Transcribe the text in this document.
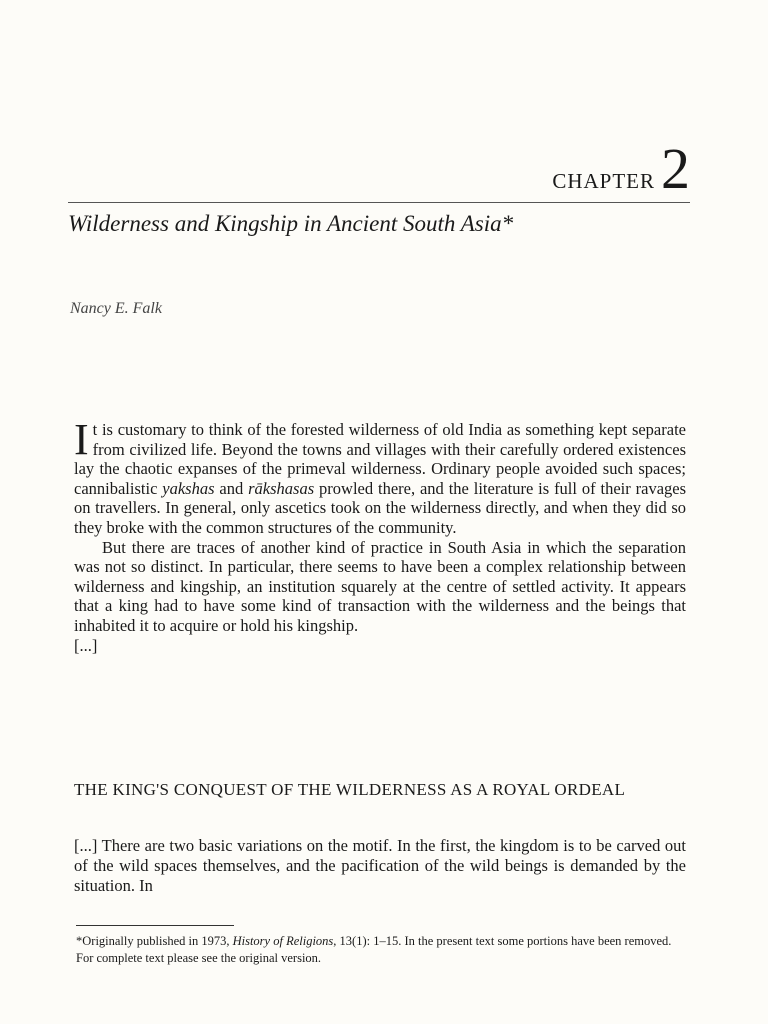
CHAPTER 2
Wilderness and Kingship in Ancient South Asia*
Nancy E. Falk

It is customary to think of the forested wilderness of old India as something kept separate from civilized life. Beyond the towns and villages with their carefully ordered existences lay the chaotic expanses of the primeval wilderness. Ordinary people avoided such spaces; cannibalistic yakshas and rākshasas prowled there, and the literature is full of their ravages on travellers. In general, only ascetics took on the wilderness directly, and when they did so they broke with the common structures of the community.

But there are traces of another kind of practice in South Asia in which the separation was not so distinct. In particular, there seems to have been a complex relationship between wilderness and kingship, an institution squarely at the centre of settled activity. It appears that a king had to have some kind of transaction with the wilderness and the beings that inhabited it to acquire or hold his kingship.

[...]

THE KING'S CONQUEST OF THE WILDERNESS AS A ROYAL ORDEAL

[...] There are two basic variations on the motif. In the first, the kingdom is to be carved out of the wild spaces themselves, and the pacification of the wild beings is demanded by the situation. In

*Originally published in 1973, History of Religions, 13(1): 1–15. In the present text some portions have been removed. For complete text please see the original version.
